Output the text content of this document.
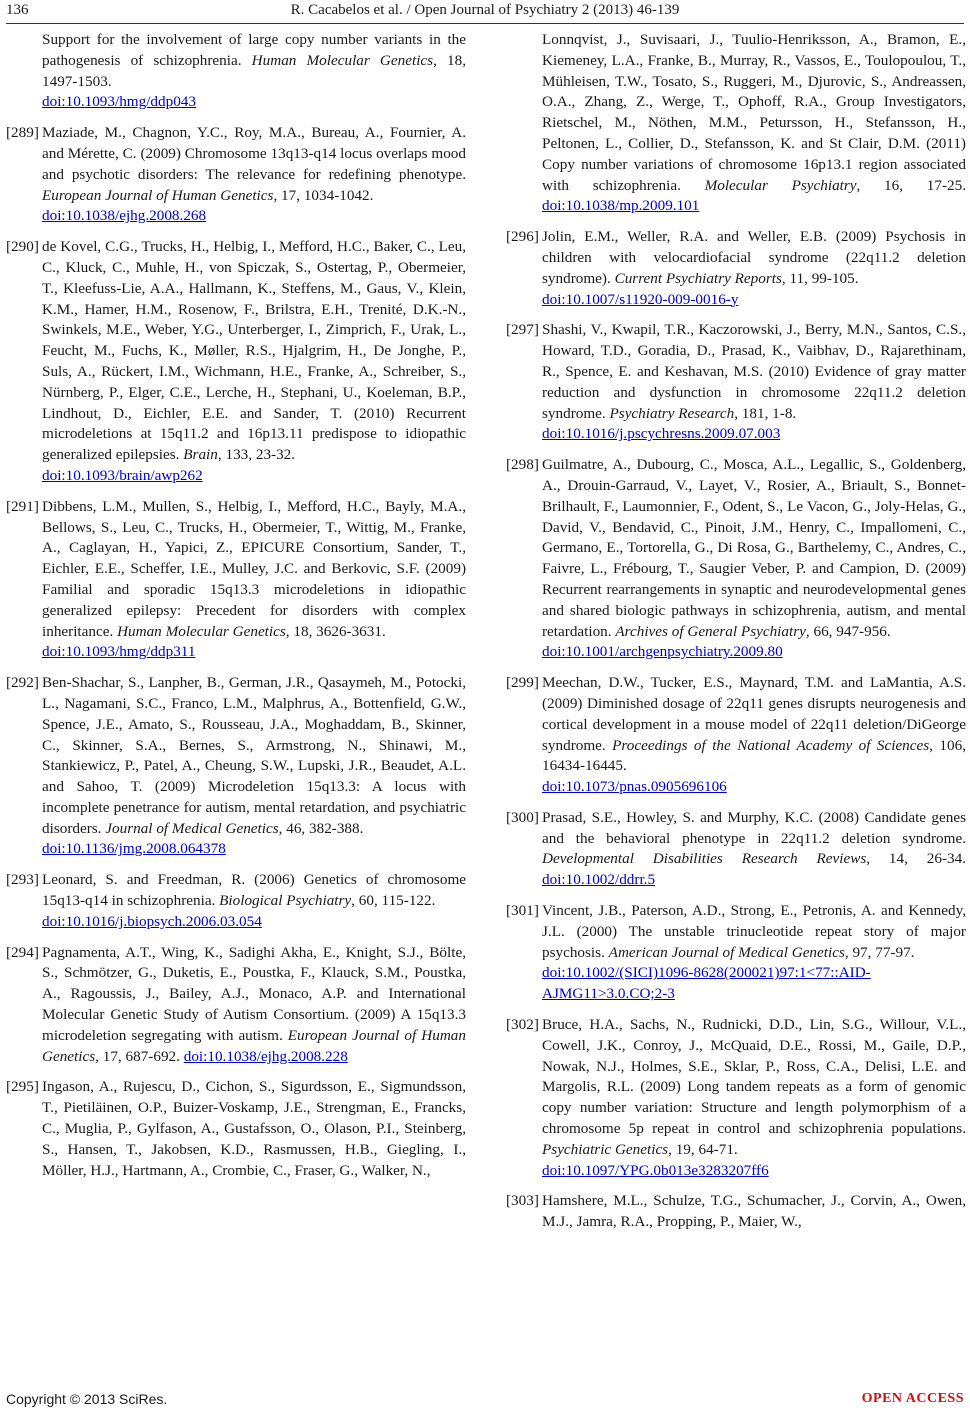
136	R. Cacabelos et al. / Open Journal of Psychiatry 2 (2013) 46-139
Support for the involvement of large copy number variants in the pathogenesis of schizophrenia. Human Molecular Genetics, 18, 1497-1503.
doi:10.1093/hmg/ddp043
[289] Maziade, M., Chagnon, Y.C., Roy, M.A., Bureau, A., Fournier, A. and Mérette, C. (2009) Chromosome 13q13-q14 locus overlaps mood and psychotic disorders: The relevance for redefining phenotype. European Journal of Human Genetics, 17, 1034-1042.
doi:10.1038/ejhg.2008.268
[290] de Kovel, C.G., Trucks, H., Helbig, I., Mefford, H.C., Baker, C., Leu, C., Kluck, C., Muhle, H., von Spiczak, S., Ostertag, P., Obermeier, T., Kleefuss-Lie, A.A., Hallmann, K., Steffens, M., Gaus, V., Klein, K.M., Hamer, H.M., Rosenow, F., Brilstra, E.H., Trenité, D.K.-N., Swinkels, M.E., Weber, Y.G., Unterberger, I., Zimprich, F., Urak, L., Feucht, M., Fuchs, K., Møller, R.S., Hjalgrim, H., De Jonghe, P., Suls, A., Rückert, I.M., Wichmann, H.E., Franke, A., Schreiber, S., Nürnberg, P., Elger, C.E., Lerche, H., Stephani, U., Koeleman, B.P., Lindhout, D., Eichler, E.E. and Sander, T. (2010) Recurrent microdeletions at 15q11.2 and 16p13.11 predispose to idiopathic generalized epilepsies. Brain, 133, 23-32.
doi:10.1093/brain/awp262
[291] Dibbens, L.M., Mullen, S., Helbig, I., Mefford, H.C., Bayly, M.A., Bellows, S., Leu, C., Trucks, H., Obermeier, T., Wittig, M., Franke, A., Caglayan, H., Yapici, Z., EPICURE Consortium, Sander, T., Eichler, E.E., Scheffer, I.E., Mulley, J.C. and Berkovic, S.F. (2009) Familial and sporadic 15q13.3 microdeletions in idiopathic generalized epilepsy: Precedent for disorders with complex inheritance. Human Molecular Genetics, 18, 3626-3631.
doi:10.1093/hmg/ddp311
[292] Ben-Shachar, S., Lanpher, B., German, J.R., Qasaymeh, M., Potocki, L., Nagamani, S.C., Franco, L.M., Malphrus, A., Bottenfield, G.W., Spence, J.E., Amato, S., Rousseau, J.A., Moghaddam, B., Skinner, C., Skinner, S.A., Bernes, S., Armstrong, N., Shinawi, M., Stankiewicz, P., Patel, A., Cheung, S.W., Lupski, J.R., Beaudet, A.L. and Sahoo, T. (2009) Microdeletion 15q13.3: A locus with incomplete penetrance for autism, mental retardation, and psychiatric disorders. Journal of Medical Genetics, 46, 382-388.
doi:10.1136/jmg.2008.064378
[293] Leonard, S. and Freedman, R. (2006) Genetics of chromosome 15q13-q14 in schizophrenia. Biological Psychiatry, 60, 115-122.
doi:10.1016/j.biopsych.2006.03.054
[294] Pagnamenta, A.T., Wing, K., Sadighi Akha, E., Knight, S.J., Bölte, S., Schmötzer, G., Duketis, E., Poustka, F., Klauck, S.M., Poustka, A., Ragoussis, J., Bailey, A.J., Monaco, A.P. and International Molecular Genetic Study of Autism Consortium. (2009) A 15q13.3 microdeletion segregating with autism. European Journal of Human Genetics, 17, 687-692. doi:10.1038/ejhg.2008.228
[295] Ingason, A., Rujescu, D., Cichon, S., Sigurdsson, E., Sigmundsson, T., Pietiläinen, O.P., Buizer-Voskamp, J.E., Strengman, E., Francks, C., Muglia, P., Gylfason, A., Gustafsson, O., Olason, P.I., Steinberg, S., Hansen, T., Jakobsen, K.D., Rasmussen, H.B., Giegling, I., Möller, H.J., Hartmann, A., Crombie, C., Fraser, G., Walker, N.,
Lonnqvist, J., Suvisaari, J., Tuulio-Henriksson, A., Bramon, E., Kiemeney, L.A., Franke, B., Murray, R., Vassos, E., Toulopoulou, T., Mühleisen, T.W., Tosato, S., Ruggeri, M., Djurovic, S., Andreassen, O.A., Zhang, Z., Werge, T., Ophoff, R.A., Group Investigators, Rietschel, M., Nöthen, M.M., Petursson, H., Stefansson, H., Peltonen, L., Collier, D., Stefansson, K. and St Clair, D.M. (2011) Copy number variations of chromosome 16p13.1 region associated with schizophrenia. Molecular Psychiatry, 16, 17-25. doi:10.1038/mp.2009.101
[296] Jolin, E.M., Weller, R.A. and Weller, E.B. (2009) Psychosis in children with velocardiofacial syndrome (22q11.2 deletion syndrome). Current Psychiatry Reports, 11, 99-105.
doi:10.1007/s11920-009-0016-y
[297] Shashi, V., Kwapil, T.R., Kaczorowski, J., Berry, M.N., Santos, C.S., Howard, T.D., Goradia, D., Prasad, K., Vaibhav, D., Rajarethinam, R., Spence, E. and Keshavan, M.S. (2010) Evidence of gray matter reduction and dysfunction in chromosome 22q11.2 deletion syndrome. Psychiatry Research, 181, 1-8.
doi:10.1016/j.pscychresns.2009.07.003
[298] Guilmatre, A., Dubourg, C., Mosca, A.L., Legallic, S., Goldenberg, A., Drouin-Garraud, V., Layet, V., Rosier, A., Briault, S., Bonnet-Brilhault, F., Laumonnier, F., Odent, S., Le Vacon, G., Joly-Helas, G., David, V., Bendavid, C., Pinoit, J.M., Henry, C., Impallomeni, C., Germano, E., Tortorella, G., Di Rosa, G., Barthelemy, C., Andres, C., Faivre, L., Frébourg, T., Saugier Veber, P. and Campion, D. (2009) Recurrent rearrangements in synaptic and neurodevelopmental genes and shared biologic pathways in schizophrenia, autism, and mental retardation. Archives of General Psychiatry, 66, 947-956.
doi:10.1001/archgenpsychiatry.2009.80
[299] Meechan, D.W., Tucker, E.S., Maynard, T.M. and LaMantia, A.S. (2009) Diminished dosage of 22q11 genes disrupts neurogenesis and cortical development in a mouse model of 22q11 deletion/DiGeorge syndrome. Proceedings of the National Academy of Sciences, 106, 16434-16445.
doi:10.1073/pnas.0905696106
[300] Prasad, S.E., Howley, S. and Murphy, K.C. (2008) Candidate genes and the behavioral phenotype in 22q11.2 deletion syndrome. Developmental Disabilities Research Reviews, 14, 26-34. doi:10.1002/ddrr.5
[301] Vincent, J.B., Paterson, A.D., Strong, E., Petronis, A. and Kennedy, J.L. (2000) The unstable trinucleotide repeat story of major psychosis. American Journal of Medical Genetics, 97, 77-97.
doi:10.1002/(SICI)1096-8628(200021)97:1<77::AID-AJMG11>3.0.CO;2-3
[302] Bruce, H.A., Sachs, N., Rudnicki, D.D., Lin, S.G., Willour, V.L., Cowell, J.K., Conroy, J., McQuaid, D.E., Rossi, M., Gaile, D.P., Nowak, N.J., Holmes, S.E., Sklar, P., Ross, C.A., Delisi, L.E. and Margolis, R.L. (2009) Long tandem repeats as a form of genomic copy number variation: Structure and length polymorphism of a chromosome 5p repeat in control and schizophrenia populations. Psychiatric Genetics, 19, 64-71.
doi:10.1097/YPG.0b013e3283207ff6
[303] Hamshere, M.L., Schulze, T.G., Schumacher, J., Corvin, A., Owen, M.J., Jamra, R.A., Propping, P., Maier, W.,
Copyright © 2013 SciRes.	OPEN ACCESS
